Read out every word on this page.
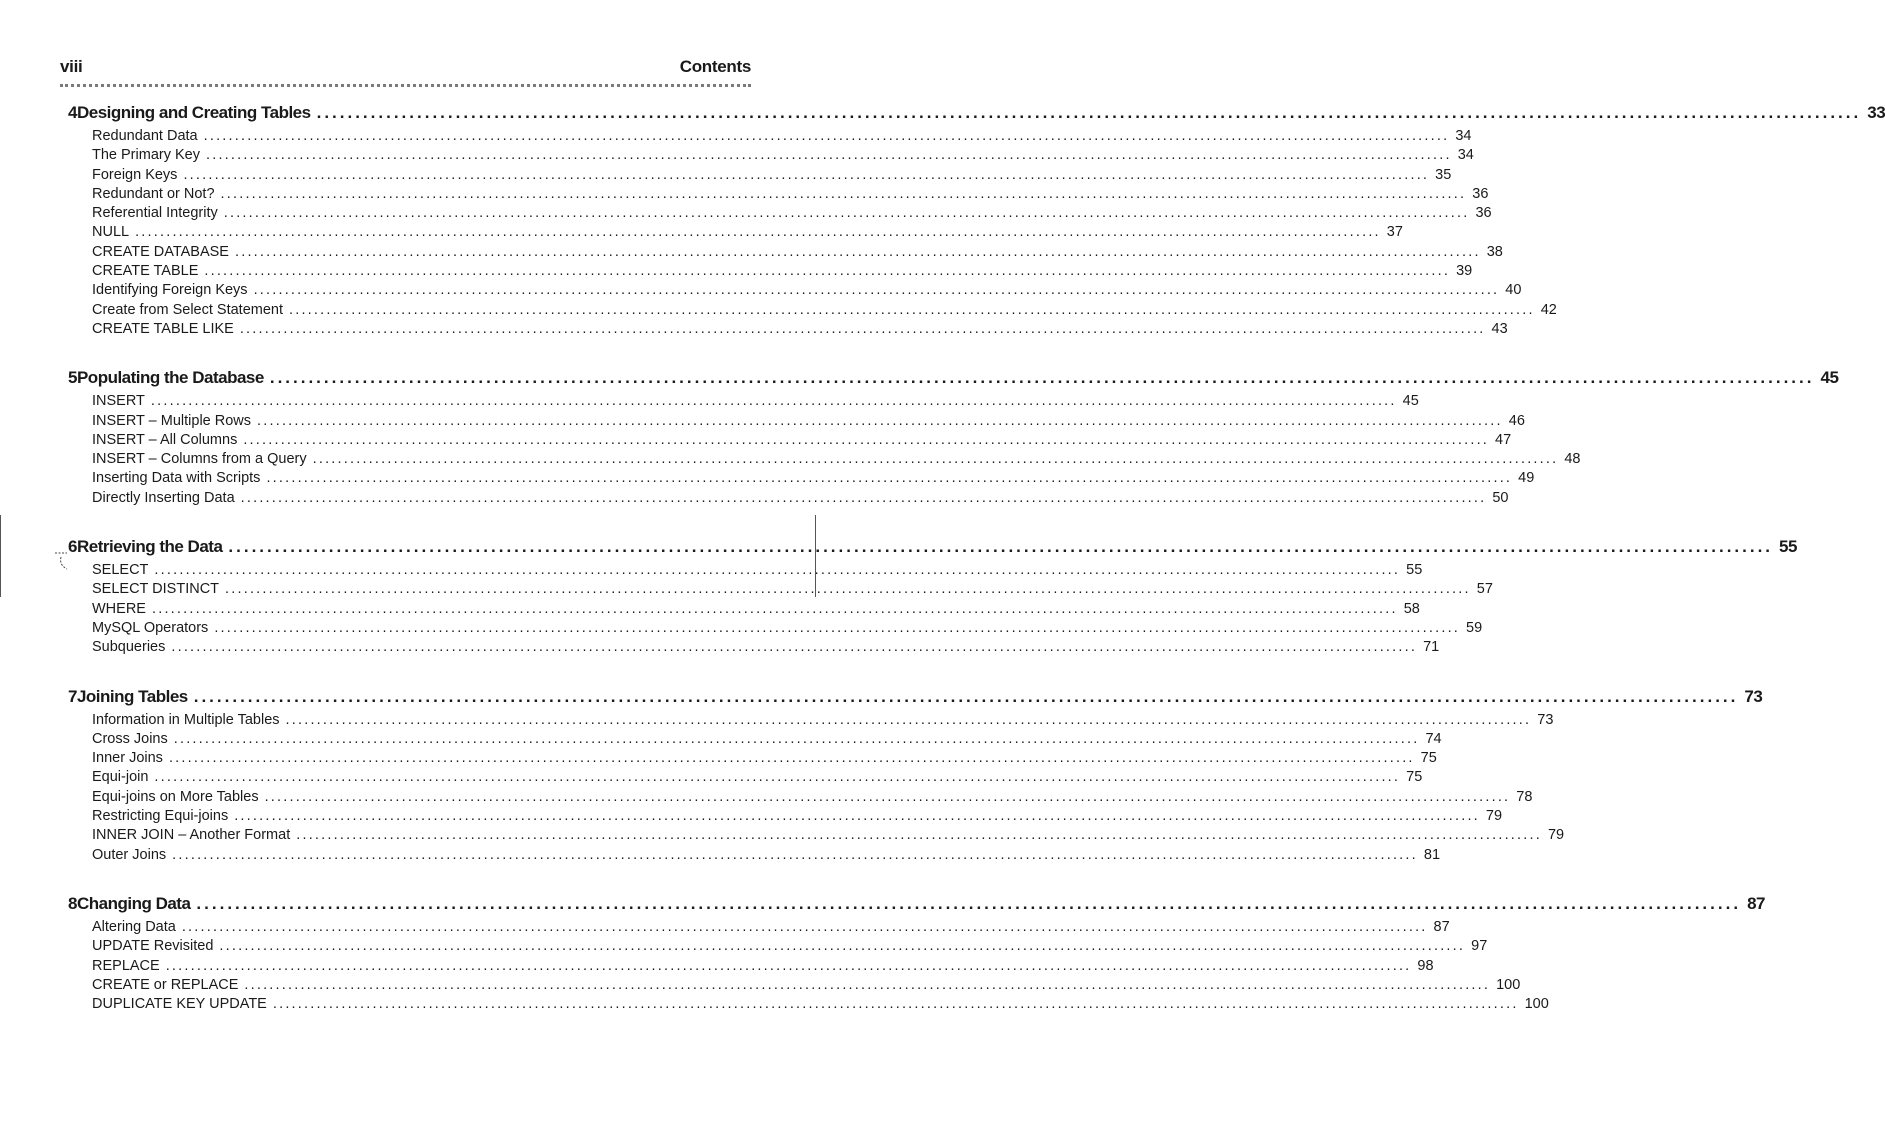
viii	Contents
4 Designing and Creating Tables ........................................................................................................................................................................................................ 33
Redundant Data ........................................................................................................................................................................................................ 34
The Primary Key ........................................................................................................................................................................................................ 34
Foreign Keys ........................................................................................................................................................................................................ 35
Redundant or Not? ........................................................................................................................................................................................................ 36
Referential Integrity ........................................................................................................................................................................................................ 36
NULL ........................................................................................................................................................................................................ 37
CREATE DATABASE ........................................................................................................................................................................................................ 38
CREATE TABLE ........................................................................................................................................................................................................ 39
Identifying Foreign Keys ........................................................................................................................................................................................................ 40
Create from Select Statement ........................................................................................................................................................................................................ 42
CREATE TABLE LIKE ........................................................................................................................................................................................................ 43
5 Populating the Database ........................................................................................................................................................................................................ 45
INSERT ........................................................................................................................................................................................................ 45
INSERT – Multiple Rows ........................................................................................................................................................................................................ 46
INSERT – All Columns ........................................................................................................................................................................................................ 47
INSERT – Columns from a Query ........................................................................................................................................................................................................ 48
Inserting Data with Scripts ........................................................................................................................................................................................................ 49
Directly Inserting Data ........................................................................................................................................................................................................ 50
6 Retrieving the Data ........................................................................................................................................................................................................ 55
SELECT ........................................................................................................................................................................................................ 55
SELECT DISTINCT ........................................................................................................................................................................................................ 57
WHERE ........................................................................................................................................................................................................ 58
MySQL Operators ........................................................................................................................................................................................................ 59
Subqueries ........................................................................................................................................................................................................ 71
7 Joining Tables ........................................................................................................................................................................................................ 73
Information in Multiple Tables ........................................................................................................................................................................................................ 73
Cross Joins ........................................................................................................................................................................................................ 74
Inner Joins ........................................................................................................................................................................................................ 75
Equi-join ........................................................................................................................................................................................................ 75
Equi-joins on More Tables ........................................................................................................................................................................................................ 78
Restricting Equi-joins ........................................................................................................................................................................................................ 79
INNER JOIN – Another Format ........................................................................................................................................................................................................ 79
Outer Joins ........................................................................................................................................................................................................ 81
8 Changing Data ........................................................................................................................................................................................................ 87
Altering Data ........................................................................................................................................................................................................ 87
UPDATE Revisited ........................................................................................................................................................................................................ 97
REPLACE ........................................................................................................................................................................................................ 98
CREATE or REPLACE ........................................................................................................................................................................................................ 100
DUPLICATE KEY UPDATE ........................................................................................................................................................................................................ 100
